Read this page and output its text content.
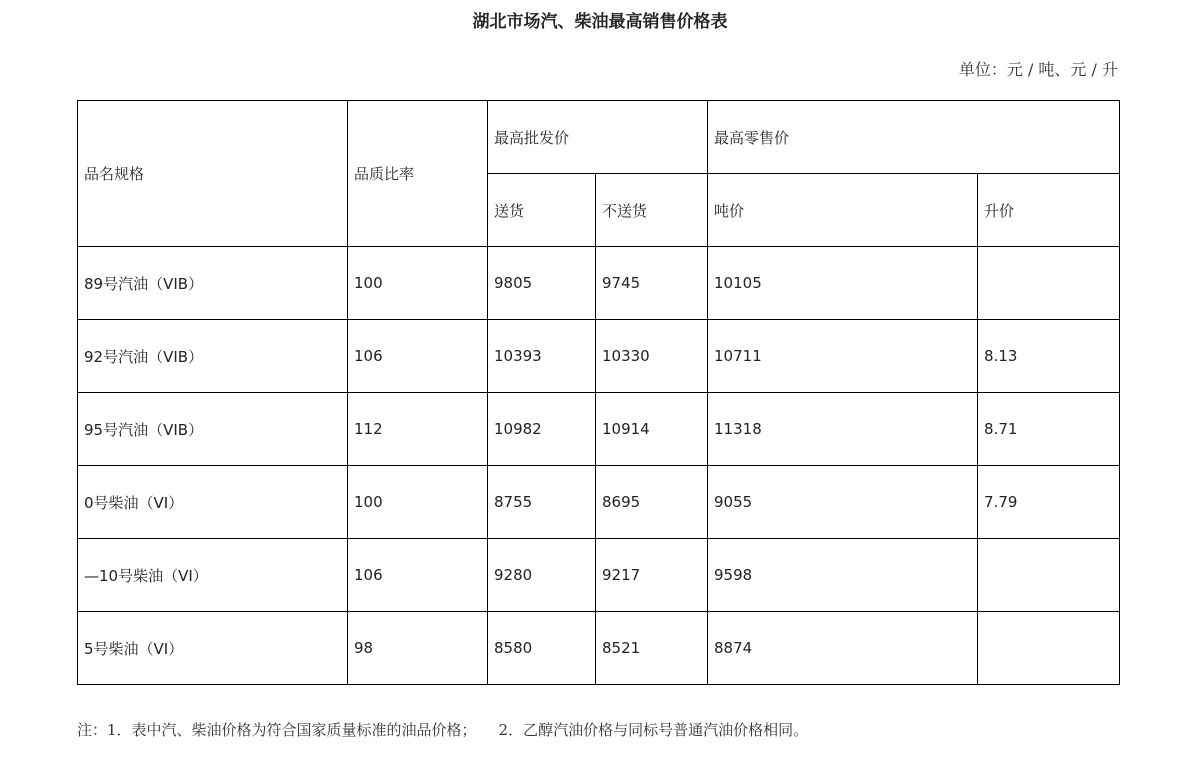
湖北市场汽、柴油最高销售价格表
单位：元 / 吨、元 / 升
品名规格	品质比率	最高批发价		最高零售价	
		送货	不送货	吨价	升价
89号汽油（VIB）	100	9805	9745	10105	
92号汽油（VIB）	106	10393	10330	10711	8.13
95号汽油（VIB）	112	10982	10914	11318	8.71
0号柴油（VI）	100	8755	8695	9055	7.79
—10号柴油（VI）	106	9280	9217	9598	
5号柴油（VI）	98	8580	8521	8874	
注：1．表中汽、柴油价格为符合国家质量标准的油品价格； 2．乙醇汽油价格与同标号普通汽油价格相同。
